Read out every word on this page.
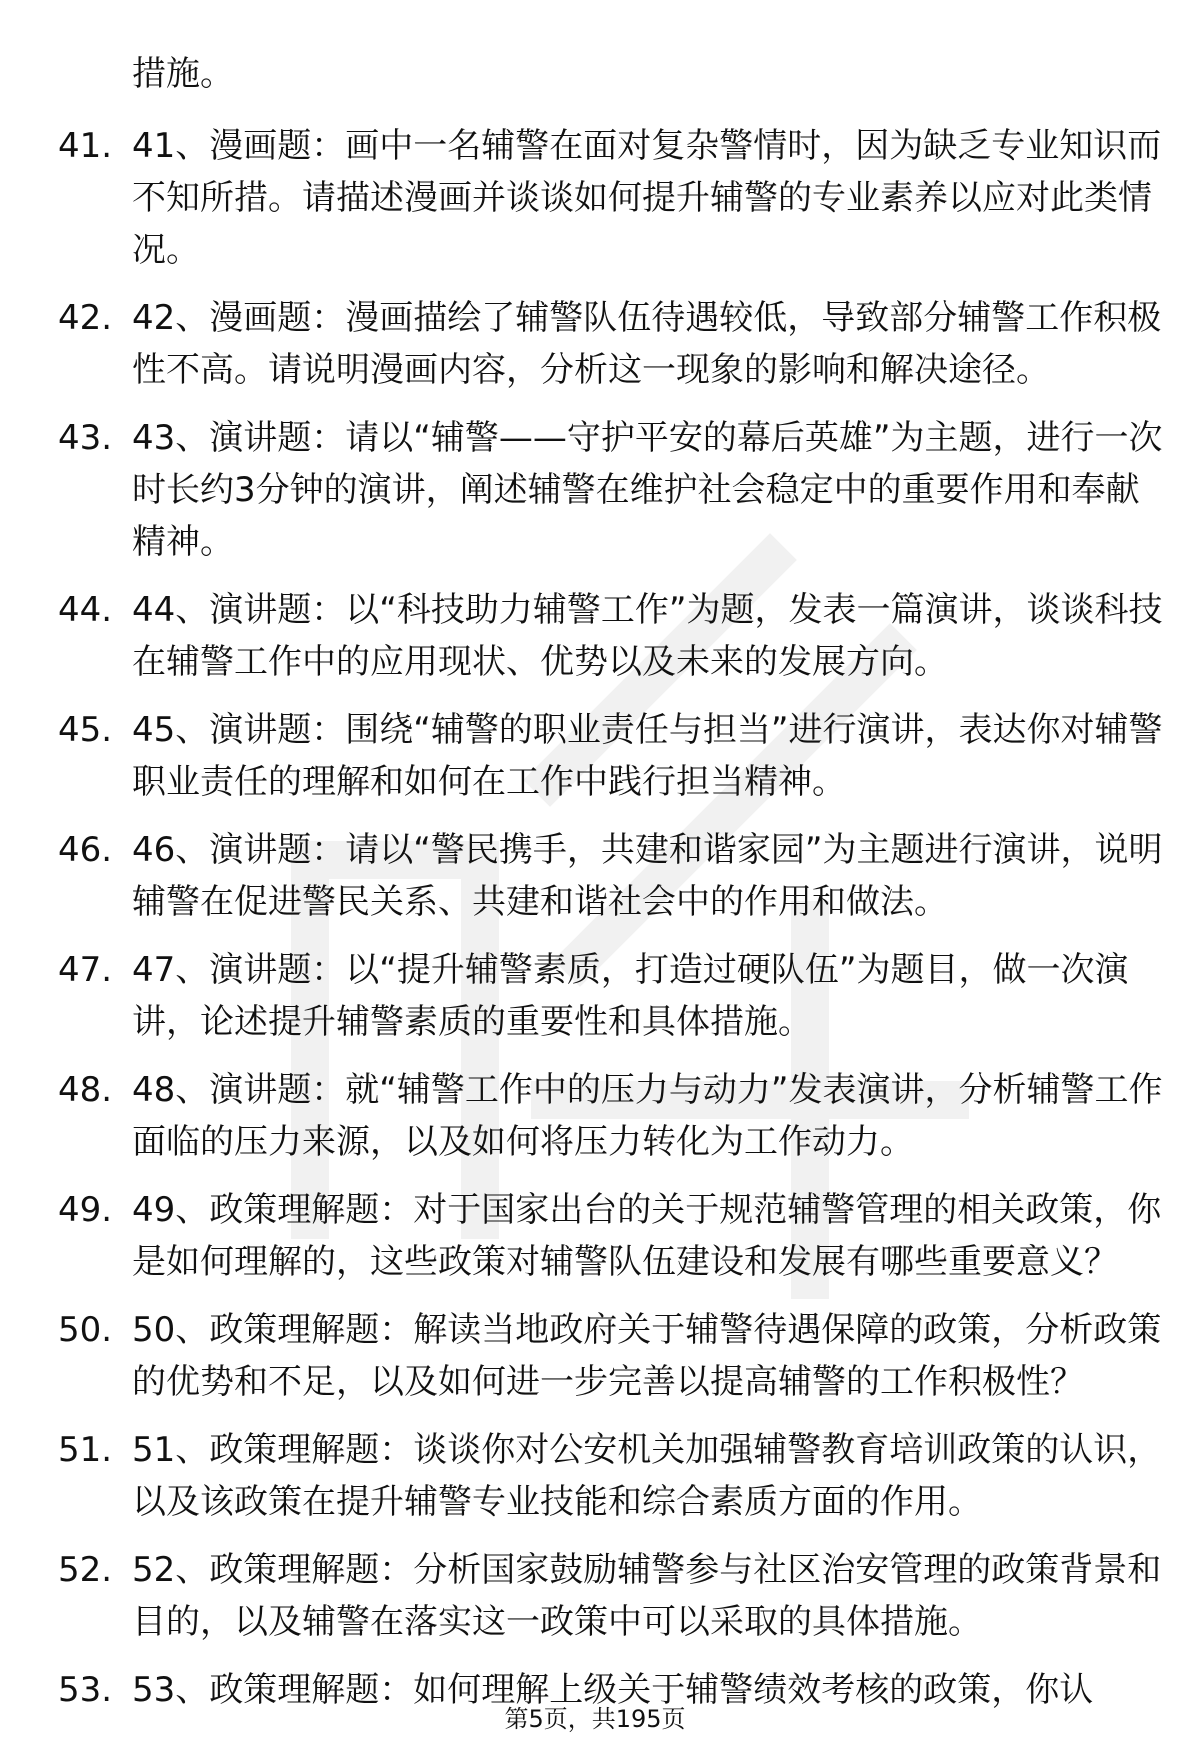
措施。
41. 41、漫画题：画中一名辅警在面对复杂警情时，因为缺乏专业知识而不知所措。请描述漫画并谈谈如何提升辅警的专业素养以应对此类情况。
42. 42、漫画题：漫画描绘了辅警队伍待遇较低，导致部分辅警工作积极性不高。请说明漫画内容，分析这一现象的影响和解决途径。
43. 43、演讲题：请以“辅警——守护平安的幕后英雄”为主题，进行一次时长约3分钟的演讲，阐述辅警在维护社会稳定中的重要作用和奉献精神。
44. 44、演讲题：以“科技助力辅警工作”为题，发表一篇演讲，谈谈科技在辅警工作中的应用现状、优势以及未来的发展方向。
45. 45、演讲题：围绕“辅警的职业责任与担当”进行演讲，表达你对辅警职业责任的理解和如何在工作中践行担当精神。
46. 46、演讲题：请以“警民携手，共建和谐家园”为主题进行演讲，说明辅警在促进警民关系、共建和谐社会中的作用和做法。
47. 47、演讲题：以“提升辅警素质，打造过硬队伍”为题目，做一次演讲，论述提升辅警素质的重要性和具体措施。
48. 48、演讲题：就“辅警工作中的压力与动力”发表演讲，分析辅警工作面临的压力来源，以及如何将压力转化为工作动力。
49. 49、政策理解题：对于国家出台的关于规范辅警管理的相关政策，你是如何理解的，这些政策对辅警队伍建设和发展有哪些重要意义？
50. 50、政策理解题：解读当地政府关于辅警待遇保障的政策，分析政策的优势和不足，以及如何进一步完善以提高辅警的工作积极性？
51. 51、政策理解题：谈谈你对公安机关加强辅警教育培训政策的认识，以及该政策在提升辅警专业技能和综合素质方面的作用。
52. 52、政策理解题：分析国家鼓励辅警参与社区治安管理的政策背景和目的，以及辅警在落实这一政策中可以采取的具体措施。
53. 53、政策理解题：如何理解上级关于辅警绩效考核的政策，你认
第5页，共195页
